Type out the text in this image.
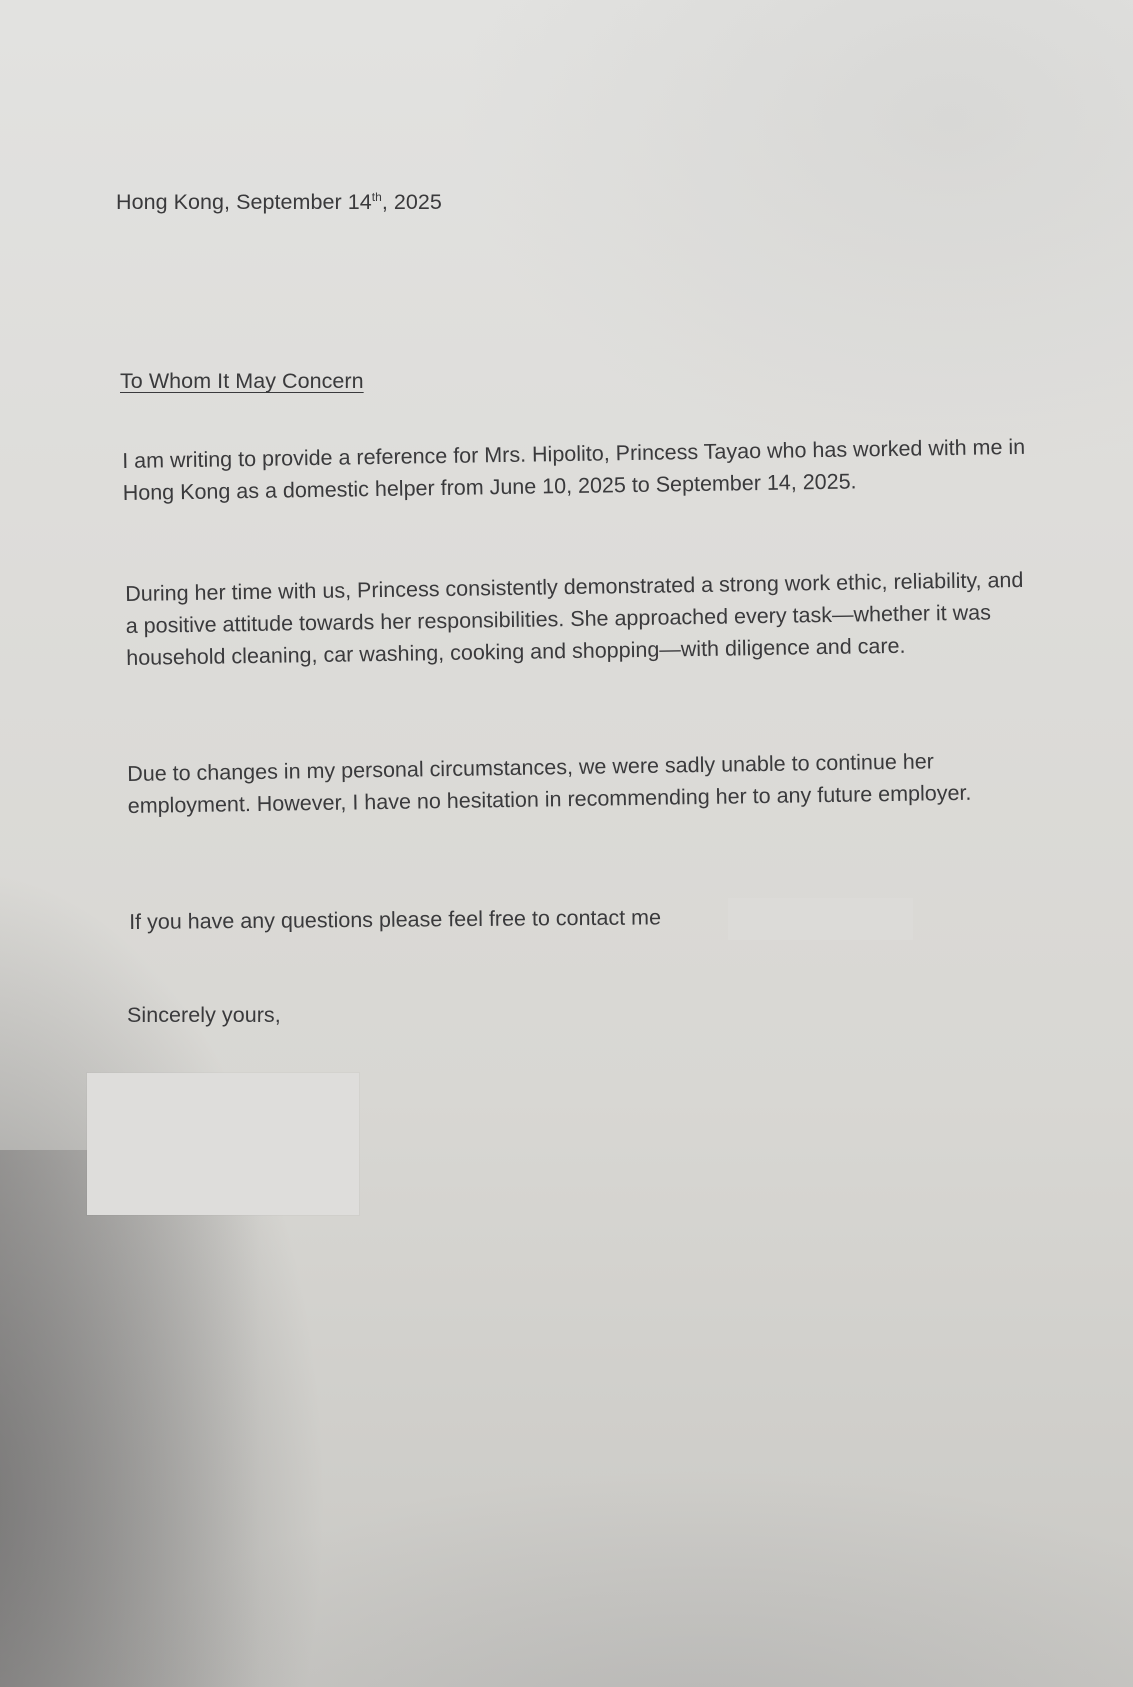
Hong Kong, September 14th, 2025
To Whom It May Concern
I am writing to provide a reference for Mrs. Hipolito, Princess Tayao who has worked with me in Hong Kong as a domestic helper from June 10, 2025 to September 14, 2025.
During her time with us, Princess consistently demonstrated a strong work ethic, reliability, and a positive attitude towards her responsibilities. She approached every task—whether it was household cleaning, car washing, cooking and shopping—with diligence and care.
Due to changes in my personal circumstances, we were sadly unable to continue her employment. However, I have no hesitation in recommending her to any future employer.
If you have any questions please feel free to contact me
Sincerely yours,
